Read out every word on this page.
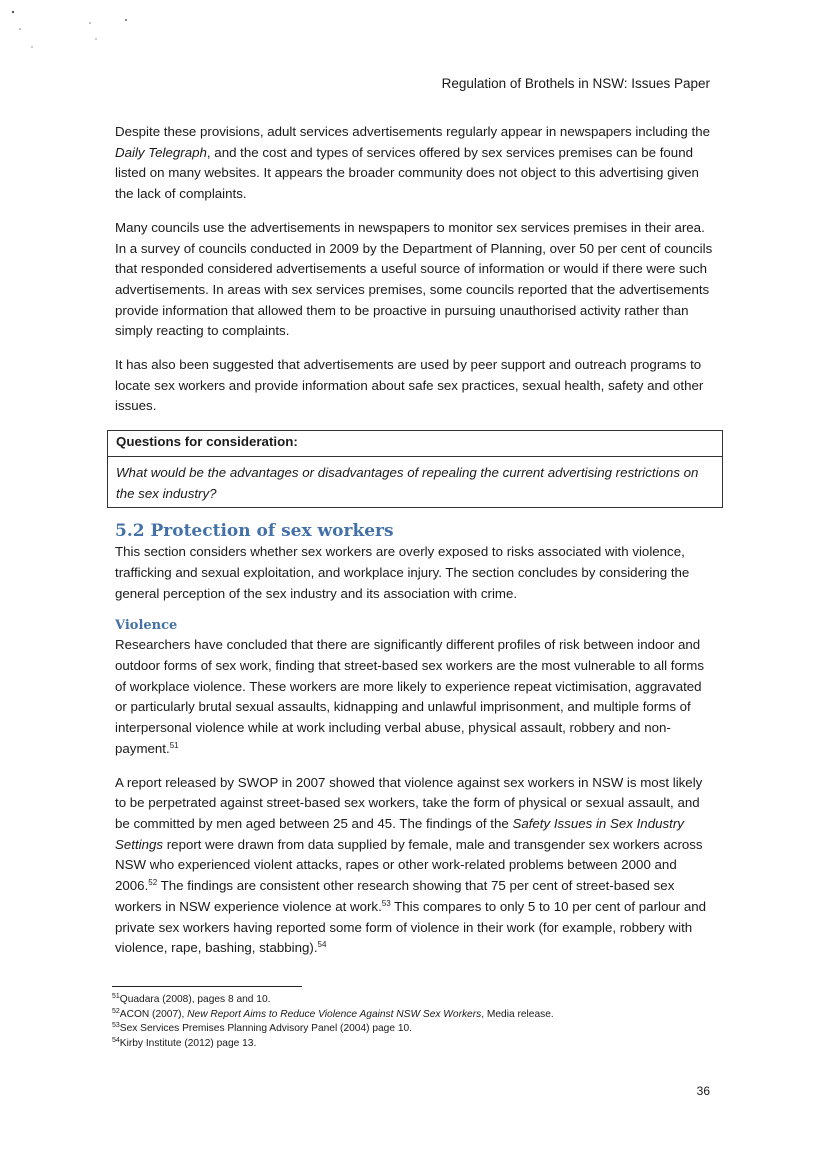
Regulation of Brothels in NSW: Issues Paper

Despite these provisions, adult services advertisements regularly appear in newspapers including the Daily Telegraph, and the cost and types of services offered by sex services premises can be found listed on many websites. It appears the broader community does not object to this advertising given the lack of complaints.

Many councils use the advertisements in newspapers to monitor sex services premises in their area. In a survey of councils conducted in 2009 by the Department of Planning, over 50 per cent of councils that responded considered advertisements a useful source of information or would if there were such advertisements. In areas with sex services premises, some councils reported that the advertisements provide information that allowed them to be proactive in pursuing unauthorised activity rather than simply reacting to complaints.

It has also been suggested that advertisements are used by peer support and outreach programs to locate sex workers and provide information about safe sex practices, sexual health, safety and other issues.

Questions for consideration:
What would be the advantages or disadvantages of repealing the current advertising restrictions on the sex industry?
5.2 Protection of sex workers

This section considers whether sex workers are overly exposed to risks associated with violence, trafficking and sexual exploitation, and workplace injury. The section concludes by considering the general perception of the sex industry and its association with crime.

Violence

Researchers have concluded that there are significantly different profiles of risk between indoor and outdoor forms of sex work, finding that street-based sex workers are the most vulnerable to all forms of workplace violence. These workers are more likely to experience repeat victimisation, aggravated or particularly brutal sexual assaults, kidnapping and unlawful imprisonment, and multiple forms of interpersonal violence while at work including verbal abuse, physical assault, robbery and non-payment.$^{51}$

A report released by SWOP in 2007 showed that violence against sex workers in NSW is most likely to be perpetrated against street-based sex workers, take the form of physical or sexual assault, and be committed by men aged between 25 and 45. The findings of the Safety Issues in Sex Industry Settings report were drawn from data supplied by female, male and transgender sex workers across NSW who experienced violent attacks, rapes or other work-related problems between 2000 and 2006.52 The findings are consistent other research showing that 75 per cent of street-based sex workers in NSW experience violence at work.$^{53}$ This compares to only 5 to 10 per cent of parlour and private sex workers having reported some form of violence in their work (for example, robbery with violence, rape, bashing, stabbing).$^{54}$

$^{51}$Quadara (2008), pages 8 and 10.
$^{52}$ACON (2007), New Report Aims to Reduce Violence Against NSW Sex Workers, Media release.
$^{53}$Sex Services Premises Planning Advisory Panel (2004) page 10.
$^{54}$Kirby Institute (2012) page 13.
36
